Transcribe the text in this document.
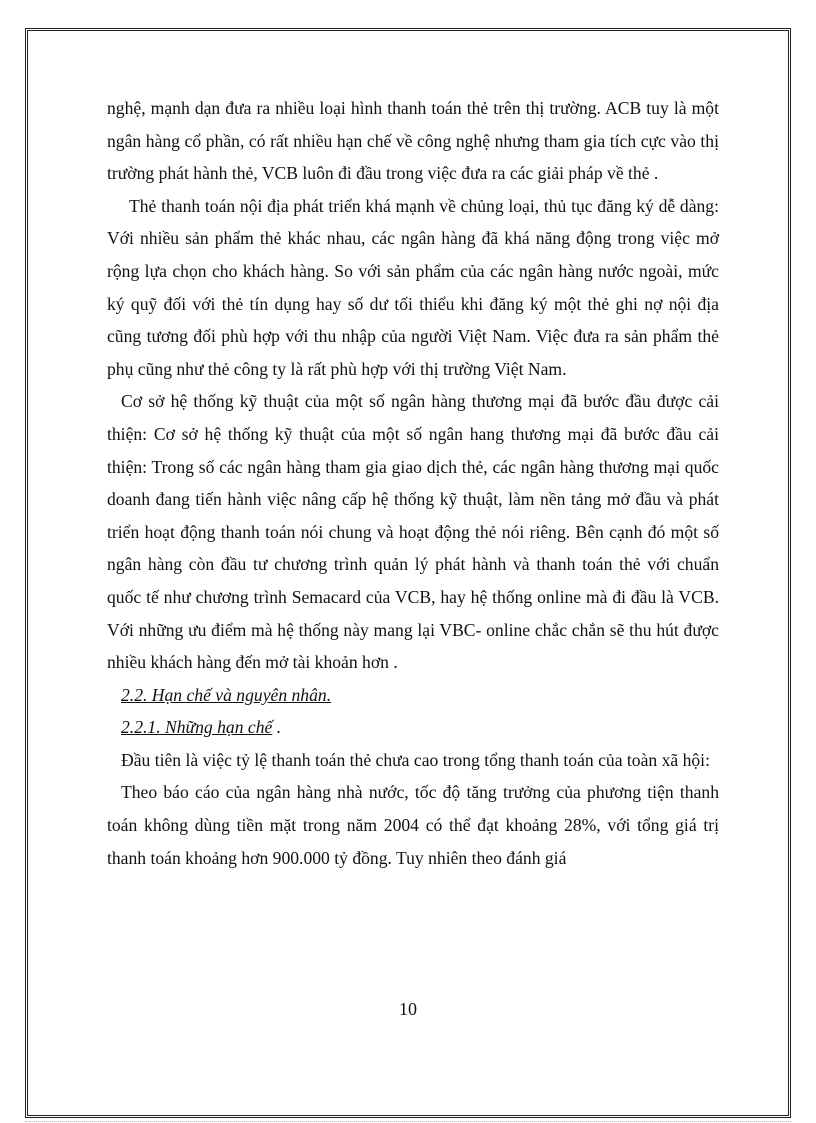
nghệ, mạnh dạn đưa ra nhiều loại hình thanh toán thẻ trên thị trường. ACB tuy là một ngân hàng cổ phần, có rất nhiều hạn chế về công nghệ nhưng tham gia tích cực vào thị trường phát hành thẻ, VCB luôn đi đầu trong việc đưa ra các giải pháp về thẻ .

Thẻ thanh toán nội địa phát triển khá mạnh về chủng loại, thủ tục đăng ký dễ dàng: Với nhiều sản phẩm thẻ khác nhau, các ngân hàng đã khá năng động trong việc mở rộng lựa chọn cho khách hàng. So với sản phẩm của các ngân hàng nước ngoài, mức ký quỹ đối với thẻ tín dụng hay số dư tối thiểu khi đăng ký một thẻ ghi nợ nội địa cũng tương đối phù hợp với thu nhập của người Việt Nam. Việc đưa ra sản phẩm thẻ phụ cũng như thẻ công ty là rất phù hợp với thị trường Việt Nam.

Cơ sở hệ thống kỹ thuật của một số ngân hàng thương mại đã bước đầu được cải thiện: Cơ sở hệ thống kỹ thuật của một số ngân hang thương mại đã bước đầu cải thiện: Trong số các ngân hàng tham gia giao dịch thẻ, các ngân hàng thương mại quốc doanh đang tiến hành việc nâng cấp hệ thống kỹ thuật, làm nền tảng mở đầu và phát triển hoạt động thanh toán nói chung và hoạt động thẻ nói riêng. Bên cạnh đó một số ngân hàng còn đầu tư chương trình quản lý phát hành và thanh toán thẻ với chuẩn quốc tế như chương trình Semacard của VCB, hay hệ thống online mà đi đầu là VCB. Với những ưu điểm mà hệ thống này mang lại VBC- online chắc chắn sẽ thu hút được nhiều khách hàng đến mở tài khoản hơn .

2.2. Hạn chế và nguyên nhân.

2.2.1. Những hạn chế .

Đầu tiên là việc tỷ lệ thanh toán thẻ chưa cao trong tổng thanh toán của toàn xã hội:

Theo báo cáo của ngân hàng nhà nước, tốc độ tăng trưởng của phương tiện thanh toán không dùng tiền mặt trong năm 2004 có thể đạt khoảng 28%, với tổng giá trị thanh toán khoảng hơn 900.000 tỷ đồng. Tuy nhiên theo đánh giá

10
